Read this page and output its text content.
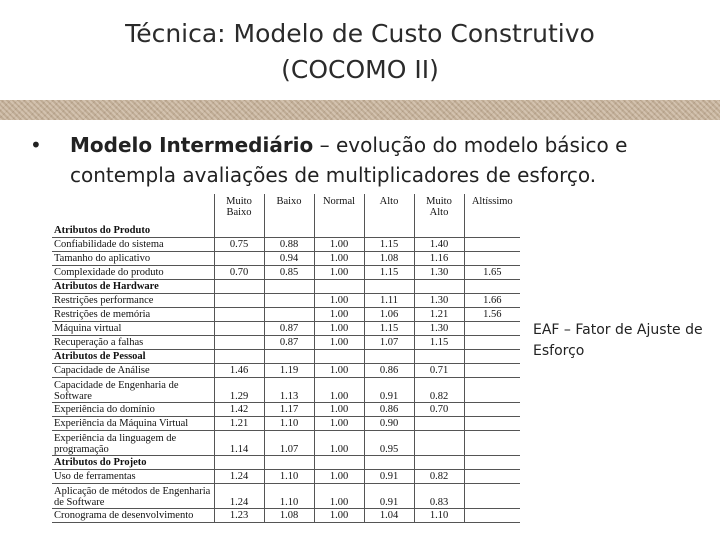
Técnica: Modelo de Custo Construtivo
(COCOMO II)
• Modelo Intermediário – evolução do modelo básico e contempla avaliações de multiplicadores de esforço.
	Muito Baixo	Baixo	Normal	Alto	Muito Alto	Altíssimo
Atributos do Produto						
Confiabilidade do sistema	0.75	0.88	1.00	1.15	1.40	
Tamanho do aplicativo		0.94	1.00	1.08	1.16	
Complexidade do produto	0.70	0.85	1.00	1.15	1.30	1.65
Atributos de Hardware						
Restrições performance			1.00	1.11	1.30	1.66
Restrições de memória			1.00	1.06	1.21	1.56
Máquina virtual		0.87	1.00	1.15	1.30	
Recuperação a falhas		0.87	1.00	1.07	1.15	
Atributos de Pessoal						
Capacidade de Análise	1.46	1.19	1.00	0.86	0.71	
Capacidade de Engenharia de Software	1.29	1.13	1.00	0.91	0.82	
Experiência do domínio	1.42	1.17	1.00	0.86	0.70	
Experiência da Máquina Virtual	1.21	1.10	1.00	0.90		
Experiência da linguagem de programação	1.14	1.07	1.00	0.95		
Atributos do Projeto						
Uso de ferramentas	1.24	1.10	1.00	0.91	0.82	
Aplicação de métodos de Engenharia de Software	1.24	1.10	1.00	0.91	0.83	
Cronograma de desenvolvimento	1.23	1.08	1.00	1.04	1.10	
EAF – Fator de Ajuste de Esforço
